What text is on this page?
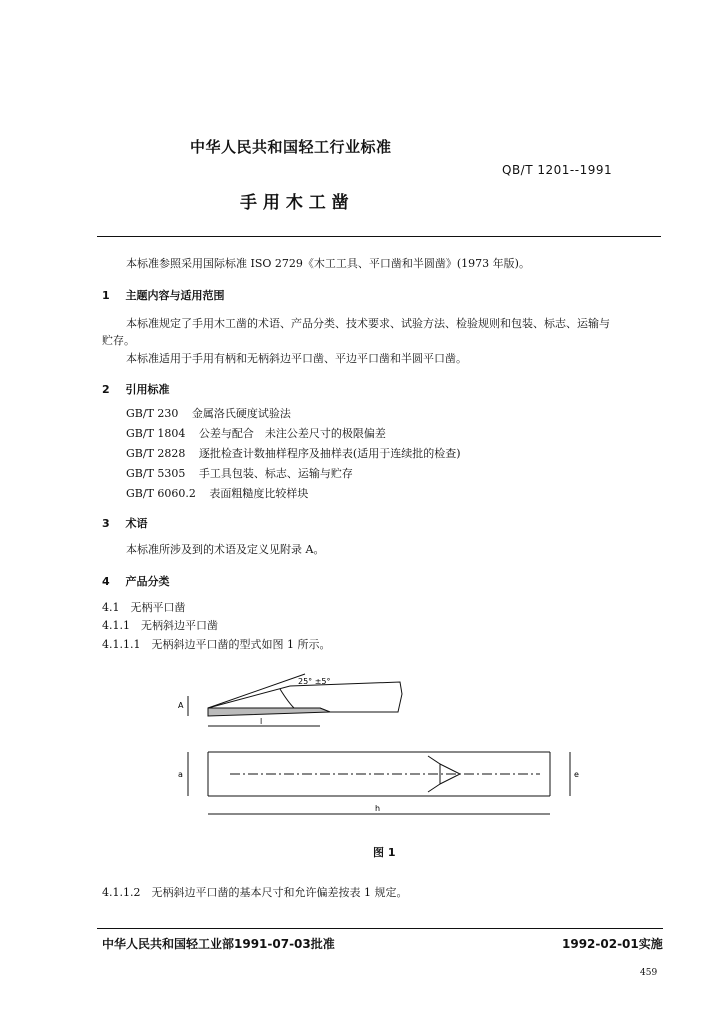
中华人民共和国轻工行业标准
QB/T 1201--1991
手 用 木 工 凿
本标准参照采用国际标准 ISO 2729《木工工具、平口凿和半圆凿》(1973 年版)。
1 主题内容与适用范围
本标准规定了手用木工凿的术语、产品分类、技术要求、试验方法、检验规则和包装、标志、运输与
贮存。
本标准适用于手用有柄和无柄斜边平口凿、平边平口凿和半圆平口凿。
2 引用标准
GB/T 230 金属洛氏硬度试验法
GB/T 1804 公差与配合　未注公差尺寸的极限偏差
GB/T 2828 逐批检查计数抽样程序及抽样表(适用于连续批的检查)
GB/T 5305 手工具包装、标志、运输与贮存
GB/T 6060.2 表面粗糙度比较样块
3 术语
本标准所涉及到的术语及定义见附录 A。
4 产品分类
4.1　无柄平口凿
4.1.1　无柄斜边平口凿
4.1.1.1　无柄斜边平口凿的型式如图 1 所示。
25° ±5°
A
l
a	e
h
图 1
4.1.1.2　无柄斜边平口凿的基本尺寸和允许偏差按表 1 规定。
中华人民共和国轻工业部1991-07-03批准	1992-02-01实施
459
